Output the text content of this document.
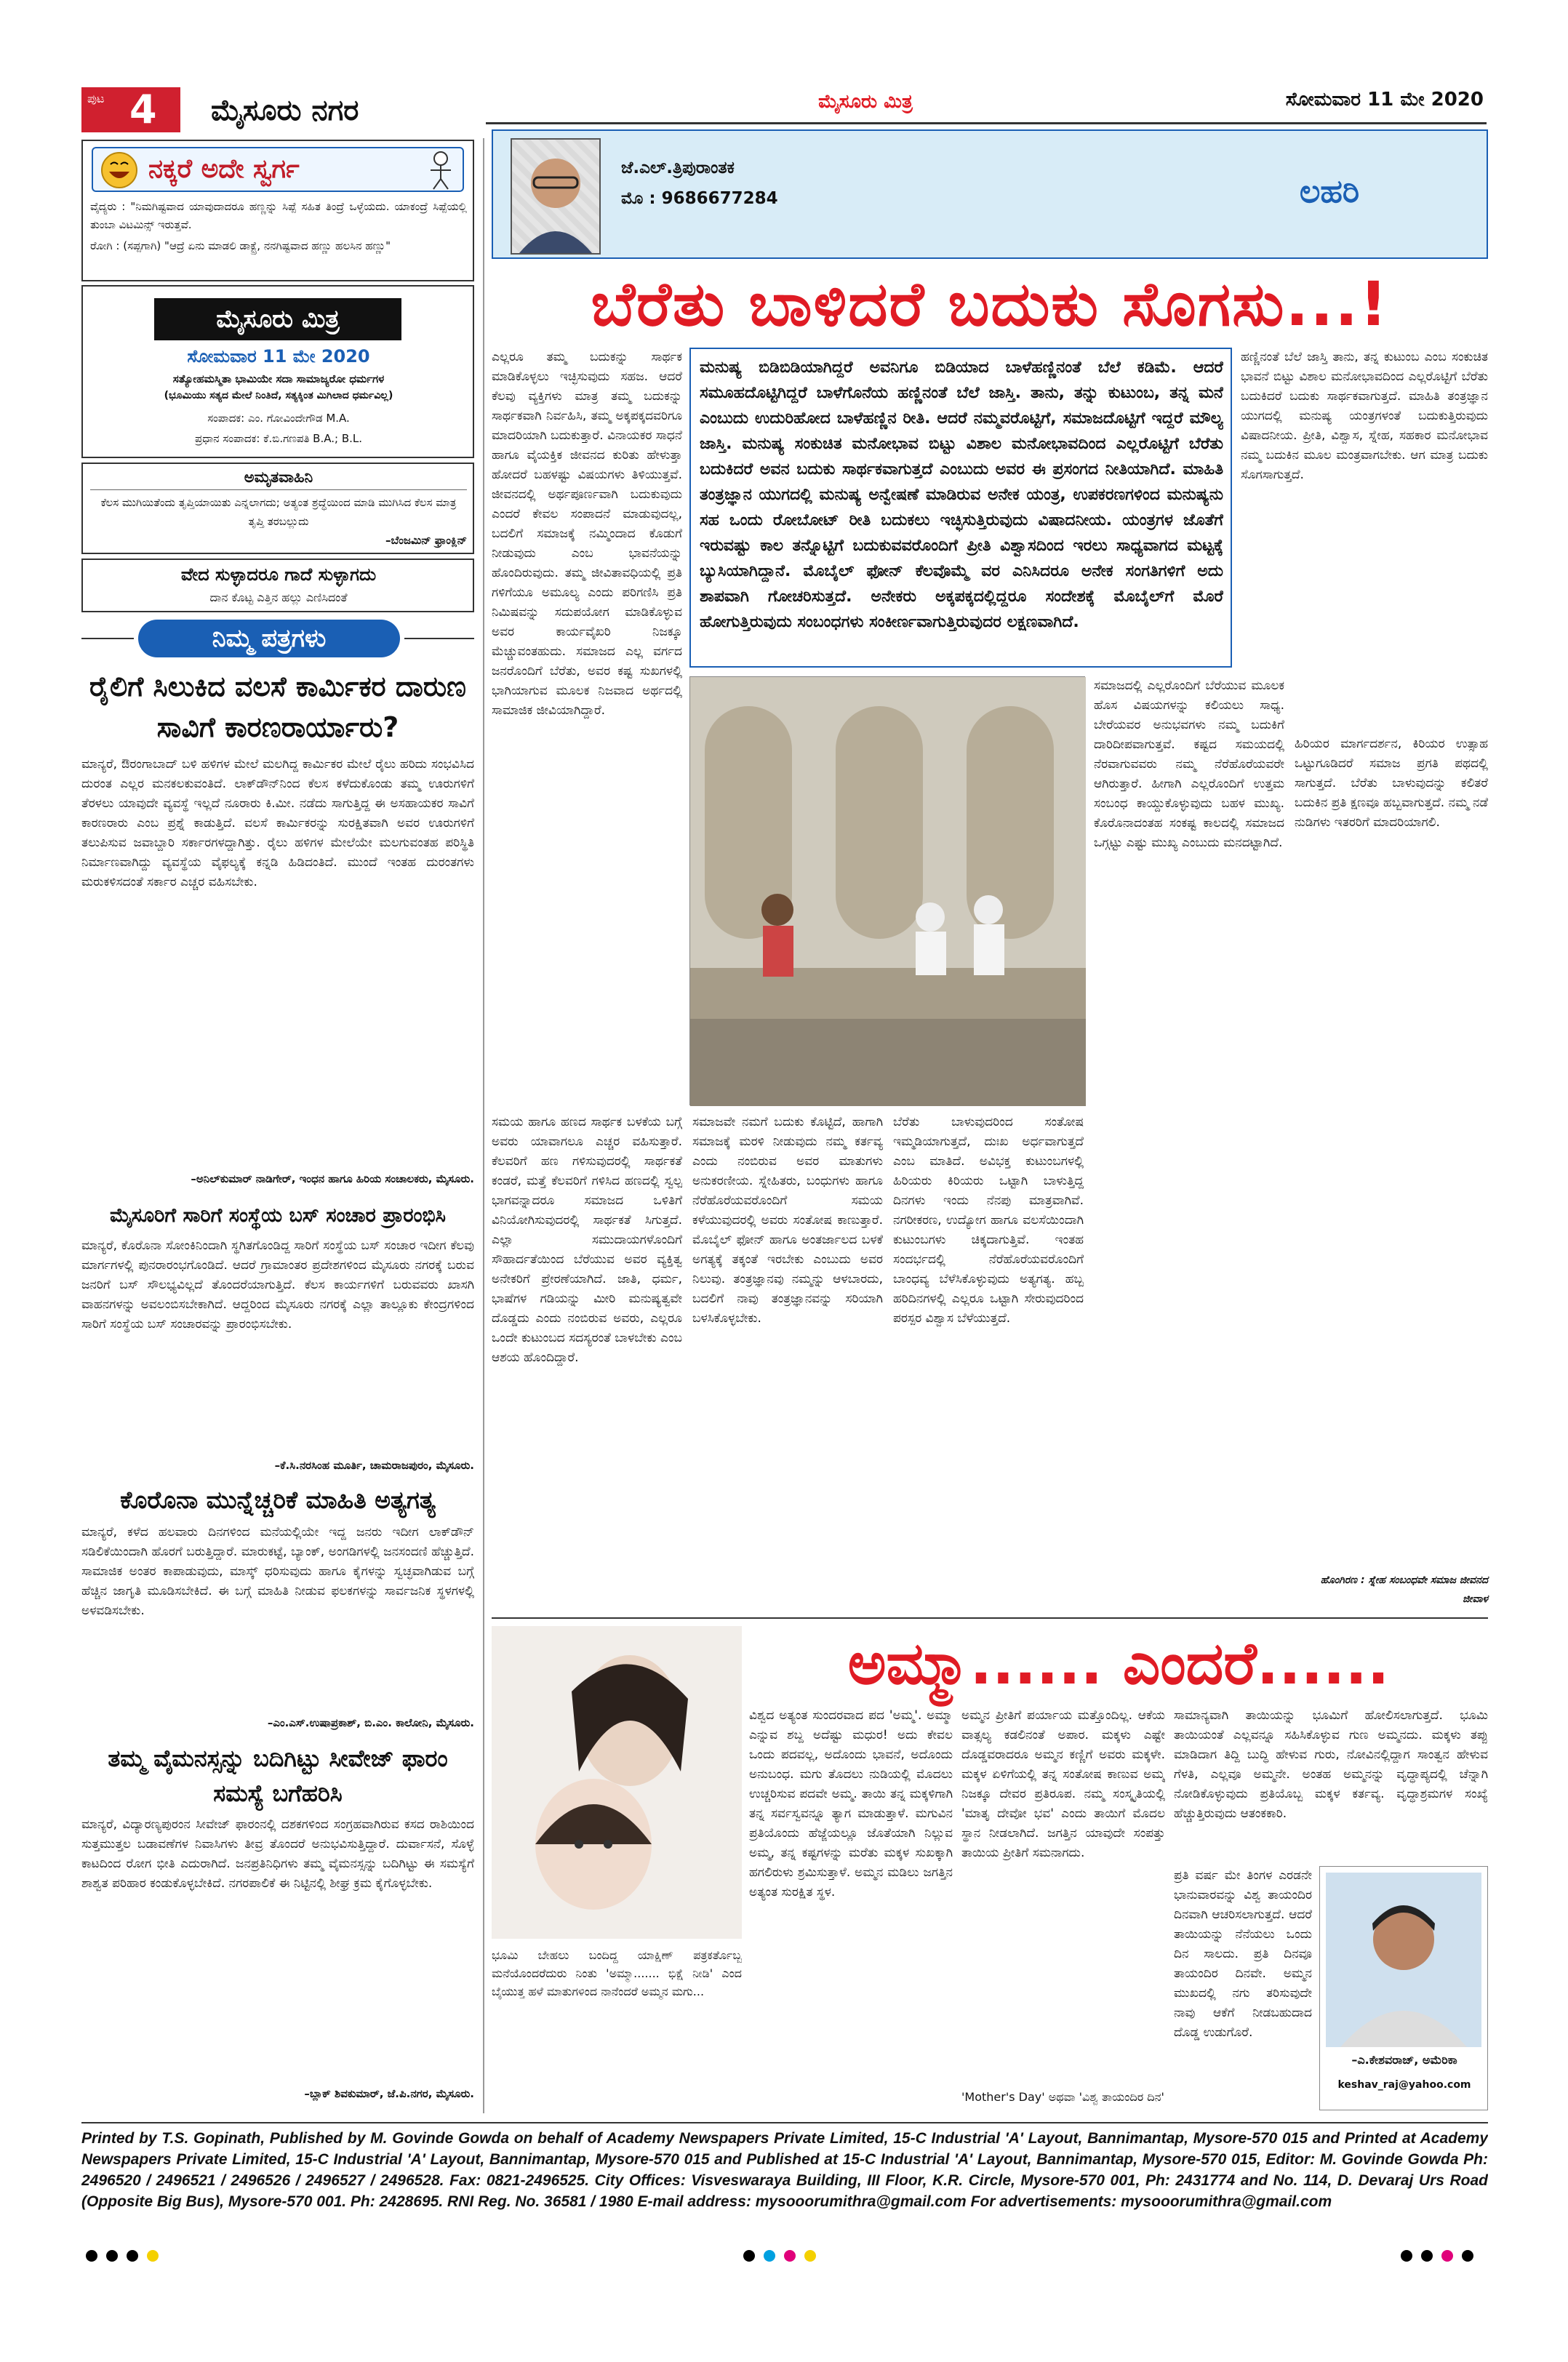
ಪುಟ 4 ಮೈಸೂರು ನಗರ	ಮೈಸೂರು ಮಿತ್ರ	ಸೋಮವಾರ 11 ಮೇ 2020
ನಕ್ಕರೆ ಅದೇ ಸ್ವರ್ಗ
ವೈದ್ಯರು : "ನಿಮಗಿಷ್ಟವಾದ ಯಾವುದಾದರೂ ಹಣ್ಣನ್ನು ಸಿಪ್ಪೆ ಸಹಿತ ತಿಂದ್ರೆ ಒಳ್ಳೆಯದು. ಯಾಕಂದ್ರೆ ಸಿಪ್ಪೆಯಲ್ಲಿ ತುಂಬಾ ವಿಟಮಿನ್ಸ್ ಇರುತ್ತವೆ.
ರೋಗಿ : (ಸಪ್ಪಗಾಗಿ) "ಆದ್ರೆ ಏನು ಮಾಡಲಿ ಡಾಕ್ಟ್ರೆ, ನನಗಿಷ್ಟವಾದ ಹಣ್ಣು ಹಲಸಿನ ಹಣ್ಣು"
ಮೈಸೂರು ಮಿತ್ರ
ಸೋಮವಾರ 11 ಮೇ 2020
ಸತ್ಯೋಹಮಸ್ಮಿತಾ ಭಾಮಿಯೇ ಸದಾ ಸಾಮಾಜ್ಯರೋ ಧರ್ಮಗಳ
(ಭೂಮಿಯು ಸತ್ಯದ ಮೇಲೆ ನಿಂತಿದೆ, ಸತ್ಯಕ್ಕಿಂತ ಮಿಗಿಲಾದ ಧರ್ಮವಿಲ್ಲ)
ಸಂಪಾದಕ: ಎಂ. ಗೋವಿಂದೇಗೌಡ M.A.
ಪ್ರಧಾನ ಸಂಪಾದಕ: ಕೆ.ಬಿ.ಗಣಪತಿ B.A.; B.L.
ಅಮೃತವಾಹಿನಿ
ಕೆಲಸ ಮುಗಿಯಿತೆಂದು ತೃಪ್ತಿಯಾಯಿತು ಎನ್ನಲಾಗದು; ಅತ್ಯಂತ ಶ್ರದ್ಧೆಯಿಂದ ಮಾಡಿ ಮುಗಿಸಿದ ಕೆಲಸ ಮಾತ್ರ ತೃಪ್ತಿ ತರಬಲ್ಲುದು
–ಬೆಂಜಮಿನ್ ಫ್ರಾಂಕ್ಲಿನ್
ವೇದ ಸುಳ್ಳಾದರೂ ಗಾದೆ ಸುಳ್ಳಾಗದು
ದಾನ ಕೊಟ್ಟ ಎತ್ತಿನ ಹಲ್ಲು ಎಣಿಸಿದಂತೆ
ನಿಮ್ಮ ಪತ್ರಗಳು
ರೈಲಿಗೆ ಸಿಲುಕಿದ ವಲಸೆ ಕಾರ್ಮಿಕರ ದಾರುಣ ಸಾವಿಗೆ ಕಾರಣರಾರ್ಯಾರು?
ಮಾನ್ಯರೆ, ಔರಂಗಾಬಾದ್ ಬಳಿ ಹಳಿಗಳ ಮೇಲೆ ಮಲಗಿದ್ದ ಕಾರ್ಮಿಕರ ಮೇಲೆ ರೈಲು ಹರಿದು ಸಂಭವಿಸಿದ ದುರಂತ ಎಲ್ಲರ ಮನಕಲಕುವಂತಿದೆ. ಲಾಕ್‌ಡೌನ್‌ನಿಂದ ಕೆಲಸ ಕಳೆದುಕೊಂಡು ತಮ್ಮ ಊರುಗಳಿಗೆ ತೆರಳಲು ಯಾವುದೇ ವ್ಯವಸ್ಥೆ ಇಲ್ಲದೆ ನೂರಾರು ಕಿ.ಮೀ. ನಡೆದು ಸಾಗುತ್ತಿದ್ದ ಈ ಅಸಹಾಯಕರ ಸಾವಿಗೆ ಕಾರಣರಾರು ಎಂಬ ಪ್ರಶ್ನೆ ಕಾಡುತ್ತಿದೆ. ವಲಸೆ ಕಾರ್ಮಿಕರನ್ನು ಸುರಕ್ಷಿತವಾಗಿ ಅವರ ಊರುಗಳಿಗೆ ತಲುಪಿಸುವ ಜವಾಬ್ದಾರಿ ಸರ್ಕಾರಗಳದ್ದಾಗಿತ್ತು. ರೈಲು ಹಳಿಗಳ ಮೇಲೆಯೇ ಮಲಗುವಂತಹ ಪರಿಸ್ಥಿತಿ ನಿರ್ಮಾಣವಾಗಿದ್ದು ವ್ಯವಸ್ಥೆಯ ವೈಫಲ್ಯಕ್ಕೆ ಕನ್ನಡಿ ಹಿಡಿದಂತಿದೆ. ಮುಂದೆ ಇಂತಹ ದುರಂತಗಳು ಮರುಕಳಿಸದಂತೆ ಸರ್ಕಾರ ಎಚ್ಚರ ವಹಿಸಬೇಕು.
–ಅನಿಲ್‌ಕುಮಾರ್ ನಾಡಿಗೇರ್, ಇಂಧನ ಹಾಗೂ ಹಿರಿಯ ಸಂಚಾಲಕರು, ಮೈಸೂರು.
ಮೈಸೂರಿಗೆ ಸಾರಿಗೆ ಸಂಸ್ಥೆಯ ಬಸ್ ಸಂಚಾರ ಪ್ರಾರಂಭಿಸಿ
ಮಾನ್ಯರೆ, ಕೊರೊನಾ ಸೋಂಕಿನಿಂದಾಗಿ ಸ್ಥಗಿತಗೊಂಡಿದ್ದ ಸಾರಿಗೆ ಸಂಸ್ಥೆಯ ಬಸ್ ಸಂಚಾರ ಇದೀಗ ಕೆಲವು ಮಾರ್ಗಗಳಲ್ಲಿ ಪುನರಾರಂಭಗೊಂಡಿದೆ. ಆದರೆ ಗ್ರಾಮಾಂತರ ಪ್ರದೇಶಗಳಿಂದ ಮೈಸೂರು ನಗರಕ್ಕೆ ಬರುವ ಜನರಿಗೆ ಬಸ್ ಸೌಲಭ್ಯವಿಲ್ಲದೆ ತೊಂದರೆಯಾಗುತ್ತಿದೆ. ಕೆಲಸ ಕಾರ್ಯಗಳಿಗೆ ಬರುವವರು ಖಾಸಗಿ ವಾಹನಗಳನ್ನು ಅವಲಂಬಿಸಬೇಕಾಗಿದೆ. ಆದ್ದರಿಂದ ಮೈಸೂರು ನಗರಕ್ಕೆ ಎಲ್ಲಾ ತಾಲ್ಲೂಕು ಕೇಂದ್ರಗಳಿಂದ ಸಾರಿಗೆ ಸಂಸ್ಥೆಯ ಬಸ್ ಸಂಚಾರವನ್ನು ಪ್ರಾರಂಭಿಸಬೇಕು.
–ಕೆ.ಸಿ.ನರಸಿಂಹ ಮೂರ್ತಿ, ಚಾಮರಾಜಪುರಂ, ಮೈಸೂರು.
ಕೊರೊನಾ ಮುನ್ನೆಚ್ಚರಿಕೆ ಮಾಹಿತಿ ಅತ್ಯಗತ್ಯ
ಮಾನ್ಯರೆ, ಕಳೆದ ಹಲವಾರು ದಿನಗಳಿಂದ ಮನೆಯಲ್ಲಿಯೇ ಇದ್ದ ಜನರು ಇದೀಗ ಲಾಕ್‌ಡೌನ್ ಸಡಿಲಿಕೆಯಿಂದಾಗಿ ಹೊರಗೆ ಬರುತ್ತಿದ್ದಾರೆ. ಮಾರುಕಟ್ಟೆ, ಬ್ಯಾಂಕ್, ಅಂಗಡಿಗಳಲ್ಲಿ ಜನಸಂದಣಿ ಹೆಚ್ಚುತ್ತಿದೆ. ಸಾಮಾಜಿಕ ಅಂತರ ಕಾಪಾಡುವುದು, ಮಾಸ್ಕ್ ಧರಿಸುವುದು ಹಾಗೂ ಕೈಗಳನ್ನು ಸ್ವಚ್ಛವಾಗಿಡುವ ಬಗ್ಗೆ ಹೆಚ್ಚಿನ ಜಾಗೃತಿ ಮೂಡಿಸಬೇಕಿದೆ. ಈ ಬಗ್ಗೆ ಮಾಹಿತಿ ನೀಡುವ ಫಲಕಗಳನ್ನು ಸಾರ್ವಜನಿಕ ಸ್ಥಳಗಳಲ್ಲಿ ಅಳವಡಿಸಬೇಕು.
–ಎಂ.ಎಸ್.ಉಷಾಪ್ರಕಾಶ್, ಬಿ.ಎಂ. ಕಾಲೋನಿ, ಮೈಸೂರು.
ತಮ್ಮ ವೈಮನಸ್ಸನ್ನು ಬದಿಗಿಟ್ಟು ಸೀವೇಜ್ ಫಾರಂ ಸಮಸ್ಯೆ ಬಗೆಹರಿಸಿ
ಮಾನ್ಯರೆ, ವಿದ್ಯಾರಣ್ಯಪುರಂನ ಸೀವೇಜ್ ಫಾರಂನಲ್ಲಿ ದಶಕಗಳಿಂದ ಸಂಗ್ರಹವಾಗಿರುವ ಕಸದ ರಾಶಿಯಿಂದ ಸುತ್ತಮುತ್ತಲ ಬಡಾವಣೆಗಳ ನಿವಾಸಿಗಳು ತೀವ್ರ ತೊಂದರೆ ಅನುಭವಿಸುತ್ತಿದ್ದಾರೆ. ದುರ್ವಾಸನೆ, ಸೊಳ್ಳೆ ಕಾಟದಿಂದ ರೋಗ ಭೀತಿ ಎದುರಾಗಿದೆ. ಜನಪ್ರತಿನಿಧಿಗಳು ತಮ್ಮ ವೈಮನಸ್ಸನ್ನು ಬದಿಗಿಟ್ಟು ಈ ಸಮಸ್ಯೆಗೆ ಶಾಶ್ವತ ಪರಿಹಾರ ಕಂಡುಕೊಳ್ಳಬೇಕಿದೆ. ನಗರಪಾಲಿಕೆ ಈ ನಿಟ್ಟಿನಲ್ಲಿ ಶೀಘ್ರ ಕ್ರಮ ಕೈಗೊಳ್ಳಬೇಕು.
–ಬ್ಲಾಕ್ ಶಿವಕುಮಾರ್, ಜೆ.ಪಿ.ನಗರ, ಮೈಸೂರು.
ಜೆ.ಎಲ್.ತ್ರಿಪುರಾಂತಕ
ಮೊ : 9686677284	ಲಹರಿ
ಬೆರೆತು ಬಾಳಿದರೆ ಬದುಕು ಸೊಗಸು...!
ಮನುಷ್ಯ ಬಿಡಿಬಿಡಿಯಾಗಿದ್ದರೆ ಅವನಿಗೂ ಬಿಡಿಯಾದ ಬಾಳೆಹಣ್ಣಿನಂತೆ ಬೆಲೆ ಕಡಿಮೆ. ಆದರೆ ಸಮೂಹದೊಟ್ಟಿಗಿದ್ದರೆ ಬಾಳೆಗೊನೆಯ ಹಣ್ಣಿನಂತೆ ಬೆಲೆ ಜಾಸ್ತಿ. ತಾನು, ತನ್ನು ಕುಟುಂಬ, ತನ್ನ ಮನೆ ಎಂಬುದು ಉದುರಿಹೋದ ಬಾಳೆಹಣ್ಣಿನ ರೀತಿ. ಆದರೆ ನಮ್ಮವರೊಟ್ಟಿಗೆ, ಸಮಾಜದೊಟ್ಟಿಗೆ ಇದ್ದರೆ ಮೌಲ್ಯ ಜಾಸ್ತಿ. ಮನುಷ್ಯ ಸಂಕುಚಿತ ಮನೋಭಾವ ಬಿಟ್ಟು ವಿಶಾಲ ಮನೋಭಾವದಿಂದ ಎಲ್ಲರೊಟ್ಟಿಗೆ ಬೆರೆತು ಬದುಕಿದರೆ ಅವನ ಬದುಕು ಸಾರ್ಥಕವಾಗುತ್ತದೆ ಎಂಬುದು ಅವರ ಈ ಪ್ರಸಂಗದ ನೀತಿಯಾಗಿದೆ. ಮಾಹಿತಿ ತಂತ್ರಜ್ಞಾನ ಯುಗದಲ್ಲಿ ಮನುಷ್ಯ ಅನ್ವೇಷಣೆ ಮಾಡಿರುವ ಅನೇಕ ಯಂತ್ರ, ಉಪಕರಣಗಳಿಂದ ಮನುಷ್ಯನು ಸಹ ಒಂದು ರೋಬೋಟ್ ರೀತಿ ಬದುಕಲು ಇಚ್ಛಿಸುತ್ತಿರುವುದು ವಿಷಾದನೀಯ. ಯಂತ್ರಗಳ ಜೊತೆಗೆ ಇರುವಷ್ಟು ಕಾಲ ತನ್ನೊಟ್ಟಿಗೆ ಬದುಕುವವರೊಂದಿಗೆ ಪ್ರೀತಿ ವಿಶ್ವಾಸದಿಂದ ಇರಲು ಸಾಧ್ಯವಾಗದ ಮಟ್ಟಕ್ಕೆ ಬ್ಯುಸಿಯಾಗಿದ್ದಾನೆ. ಮೊಬೈಲ್ ಫೋನ್ ಕೆಲವೊಮ್ಮೆ ವರ ಎನಿಸಿದರೂ ಅನೇಕ ಸಂಗತಿಗಳಿಗೆ ಅದು ಶಾಪವಾಗಿ ಗೋಚರಿಸುತ್ತದೆ. ಅನೇಕರು ಅಕ್ಕಪಕ್ಕದಲ್ಲಿದ್ದರೂ ಸಂದೇಶಕ್ಕೆ ಮೊಬೈಲ್‌ಗೆ ಮೊರೆ ಹೋಗುತ್ತಿರುವುದು ಸಂಬಂಧಗಳು ಸಂಕೀರ್ಣವಾಗುತ್ತಿರುವುದರ ಲಕ್ಷಣವಾಗಿದೆ.
ಎಲ್ಲರೂ ತಮ್ಮ ಬದುಕನ್ನು ಸಾರ್ಥಕ ಮಾಡಿಕೊಳ್ಳಲು ಇಚ್ಛಿಸುವುದು ಸಹಜ. ಆದರೆ ಕೆಲವು ವ್ಯಕ್ತಿಗಳು ಮಾತ್ರ ತಮ್ಮ ಬದುಕನ್ನು ಸಾರ್ಥಕವಾಗಿ ನಿರ್ವಹಿಸಿ, ತಮ್ಮ ಅಕ್ಕಪಕ್ಕದವರಿಗೂ ಮಾದರಿಯಾಗಿ ಬದುಕುತ್ತಾರೆ. ವಿನಾಯಕರ ಸಾಧನೆ ಹಾಗೂ ವೈಯಕ್ತಿಕ ಜೀವನದ ಕುರಿತು ಹೇಳುತ್ತಾ ಹೋದರೆ ಬಹಳಷ್ಟು ವಿಷಯಗಳು ತಿಳಿಯುತ್ತವೆ. ಜೀವನದಲ್ಲಿ ಅರ್ಥಪೂರ್ಣವಾಗಿ ಬದುಕುವುದು ಎಂದರೆ ಕೇವಲ ಸಂಪಾದನೆ ಮಾಡುವುದಲ್ಲ, ಬದಲಿಗೆ ಸಮಾಜಕ್ಕೆ ನಮ್ಮಿಂದಾದ ಕೊಡುಗೆ ನೀಡುವುದು ಎಂಬ ಭಾವನೆಯನ್ನು ಹೊಂದಿರುವುದು. ತಮ್ಮ ಜೀವಿತಾವಧಿಯಲ್ಲಿ ಪ್ರತಿ ಗಳಿಗೆಯೂ ಅಮೂಲ್ಯ ಎಂದು ಪರಿಗಣಿಸಿ ಪ್ರತಿ ನಿಮಿಷವನ್ನು ಸದುಪಯೋಗ ಮಾಡಿಕೊಳ್ಳುವ ಅವರ ಕಾರ್ಯವೈಖರಿ ನಿಜಕ್ಕೂ ಮೆಚ್ಚುವಂತಹುದು. ಸಮಾಜದ ಎಲ್ಲ ವರ್ಗದ ಜನರೊಂದಿಗೆ ಬೆರೆತು, ಅವರ ಕಷ್ಟ ಸುಖಗಳಲ್ಲಿ ಭಾಗಿಯಾಗುವ ಮೂಲಕ ನಿಜವಾದ ಅರ್ಥದಲ್ಲಿ ಸಾಮಾಜಿಕ ಜೀವಿಯಾಗಿದ್ದಾರೆ.
ಸಮಯ ಹಾಗೂ ಹಣದ ಸಾರ್ಥಕ ಬಳಕೆಯ ಬಗ್ಗೆ ಅವರು ಯಾವಾಗಲೂ ಎಚ್ಚರ ವಹಿಸುತ್ತಾರೆ. ಕೆಲವರಿಗೆ ಹಣ ಗಳಿಸುವುದರಲ್ಲಿ ಸಾರ್ಥಕತೆ ಕಂಡರೆ, ಮತ್ತೆ ಕೆಲವರಿಗೆ ಗಳಿಸಿದ ಹಣದಲ್ಲಿ ಸ್ವಲ್ಪ ಭಾಗವನ್ನಾದರೂ ಸಮಾಜದ ಒಳಿತಿಗೆ ವಿನಿಯೋಗಿಸುವುದರಲ್ಲಿ ಸಾರ್ಥಕತೆ ಸಿಗುತ್ತದೆ. ಎಲ್ಲಾ ಸಮುದಾಯಗಳೊಂದಿಗೆ ಸೌಹಾರ್ದತೆಯಿಂದ ಬೆರೆಯುವ ಅವರ ವ್ಯಕ್ತಿತ್ವ ಅನೇಕರಿಗೆ ಪ್ರೇರಣೆಯಾಗಿದೆ. ಜಾತಿ, ಧರ್ಮ, ಭಾಷೆಗಳ ಗಡಿಯನ್ನು ಮೀರಿ ಮನುಷ್ಯತ್ವವೇ ದೊಡ್ಡದು ಎಂದು ನಂಬಿರುವ ಅವರು, ಎಲ್ಲರೂ ಒಂದೇ ಕುಟುಂಬದ ಸದಸ್ಯರಂತೆ ಬಾಳಬೇಕು ಎಂಬ ಆಶಯ ಹೊಂದಿದ್ದಾರೆ.
ಸಮಾಜವೇ ನಮಗೆ ಬದುಕು ಕೊಟ್ಟಿದೆ, ಹಾಗಾಗಿ ಸಮಾಜಕ್ಕೆ ಮರಳಿ ನೀಡುವುದು ನಮ್ಮ ಕರ್ತವ್ಯ ಎಂದು ನಂಬಿರುವ ಅವರ ಮಾತುಗಳು ಅನುಕರಣೀಯ. ಸ್ನೇಹಿತರು, ಬಂಧುಗಳು ಹಾಗೂ ನೆರೆಹೊರೆಯವರೊಂದಿಗೆ ಸಮಯ ಕಳೆಯುವುದರಲ್ಲಿ ಅವರು ಸಂತೋಷ ಕಾಣುತ್ತಾರೆ. ಮೊಬೈಲ್ ಫೋನ್ ಹಾಗೂ ಅಂತರ್ಜಾಲದ ಬಳಕೆ ಅಗತ್ಯಕ್ಕೆ ತಕ್ಕಂತೆ ಇರಬೇಕು ಎಂಬುದು ಅವರ ನಿಲುವು. ತಂತ್ರಜ್ಞಾನವು ನಮ್ಮನ್ನು ಆಳಬಾರದು, ಬದಲಿಗೆ ನಾವು ತಂತ್ರಜ್ಞಾನವನ್ನು ಸರಿಯಾಗಿ ಬಳಸಿಕೊಳ್ಳಬೇಕು.
ಬೆರೆತು ಬಾಳುವುದರಿಂದ ಸಂತೋಷ ಇಮ್ಮಡಿಯಾಗುತ್ತದೆ, ದುಃಖ ಅರ್ಧವಾಗುತ್ತದೆ ಎಂಬ ಮಾತಿದೆ. ಅವಿಭಕ್ತ ಕುಟುಂಬಗಳಲ್ಲಿ ಹಿರಿಯರು ಕಿರಿಯರು ಒಟ್ಟಾಗಿ ಬಾಳುತ್ತಿದ್ದ ದಿನಗಳು ಇಂದು ನೆನಪು ಮಾತ್ರವಾಗಿವೆ. ನಗರೀಕರಣ, ಉದ್ಯೋಗ ಹಾಗೂ ವಲಸೆಯಿಂದಾಗಿ ಕುಟುಂಬಗಳು ಚಿಕ್ಕದಾಗುತ್ತಿವೆ. ಇಂತಹ ಸಂದರ್ಭದಲ್ಲಿ ನೆರೆಹೊರೆಯವರೊಂದಿಗೆ ಬಾಂಧವ್ಯ ಬೆಳೆಸಿಕೊಳ್ಳುವುದು ಅತ್ಯಗತ್ಯ. ಹಬ್ಬ ಹರಿದಿನಗಳಲ್ಲಿ ಎಲ್ಲರೂ ಒಟ್ಟಾಗಿ ಸೇರುವುದರಿಂದ ಪರಸ್ಪರ ವಿಶ್ವಾಸ ಬೆಳೆಯುತ್ತದೆ.
ಹಣ್ಣಿನಂತೆ ಬೆಲೆ ಜಾಸ್ತಿ ತಾನು, ತನ್ನ ಕುಟುಂಬ ಎಂಬ ಸಂಕುಚಿತ ಭಾವನೆ ಬಿಟ್ಟು ವಿಶಾಲ ಮನೋಭಾವದಿಂದ ಎಲ್ಲರೊಟ್ಟಿಗೆ ಬೆರೆತು ಬದುಕಿದರೆ ಬದುಕು ಸಾರ್ಥಕವಾಗುತ್ತದೆ. ಮಾಹಿತಿ ತಂತ್ರಜ್ಞಾನ ಯುಗದಲ್ಲಿ ಮನುಷ್ಯ ಯಂತ್ರಗಳಂತೆ ಬದುಕುತ್ತಿರುವುದು ವಿಷಾದನೀಯ. ಪ್ರೀತಿ, ವಿಶ್ವಾಸ, ಸ್ನೇಹ, ಸಹಕಾರ ಮನೋಭಾವ ನಮ್ಮ ಬದುಕಿನ ಮೂಲ ಮಂತ್ರವಾಗಬೇಕು. ಆಗ ಮಾತ್ರ ಬದುಕು ಸೊಗಸಾಗುತ್ತದೆ.
ಸಮಾಜದಲ್ಲಿ ಎಲ್ಲರೊಂದಿಗೆ ಬೆರೆಯುವ ಮೂಲಕ ಹೊಸ ವಿಷಯಗಳನ್ನು ಕಲಿಯಲು ಸಾಧ್ಯ. ಬೇರೆಯವರ ಅನುಭವಗಳು ನಮ್ಮ ಬದುಕಿಗೆ ದಾರಿದೀಪವಾಗುತ್ತವೆ. ಕಷ್ಟದ ಸಮಯದಲ್ಲಿ ನೆರವಾಗುವವರು ನಮ್ಮ ನೆರೆಹೊರೆಯವರೇ ಆಗಿರುತ್ತಾರೆ. ಹೀಗಾಗಿ ಎಲ್ಲರೊಂದಿಗೆ ಉತ್ತಮ ಸಂಬಂಧ ಕಾಯ್ದುಕೊಳ್ಳುವುದು ಬಹಳ ಮುಖ್ಯ. ಕೊರೊನಾದಂತಹ ಸಂಕಷ್ಟ ಕಾಲದಲ್ಲಿ ಸಮಾಜದ ಒಗ್ಗಟ್ಟು ಎಷ್ಟು ಮುಖ್ಯ ಎಂಬುದು ಮನದಟ್ಟಾಗಿದೆ.
ಹಿರಿಯರ ಮಾರ್ಗದರ್ಶನ, ಕಿರಿಯರ ಉತ್ಸಾಹ ಒಟ್ಟುಗೂಡಿದರೆ ಸಮಾಜ ಪ್ರಗತಿ ಪಥದಲ್ಲಿ ಸಾಗುತ್ತದೆ. ಬೆರೆತು ಬಾಳುವುದನ್ನು ಕಲಿತರೆ ಬದುಕಿನ ಪ್ರತಿ ಕ್ಷಣವೂ ಹಬ್ಬವಾಗುತ್ತದೆ. ನಮ್ಮ ನಡೆ ನುಡಿಗಳು ಇತರರಿಗೆ ಮಾದರಿಯಾಗಲಿ.
ಹೊಂಗಿರಣ : ಸ್ನೇಹ ಸಂಬಂಧವೇ ಸಮಾಜ ಜೀವನದ ಜೀವಾಳ
ಭೂಮಿ ಬೇಹಲು ಬಂದಿದ್ದ ಯಾಕ್ಷಿಣ್ ಪತ್ರಕರ್ತೊಬ್ಬ ಮನೆಯೊಂದರೆದುರು ನಿಂತು 'ಅಮ್ಮಾ....... ಭಿಕ್ಷೆ ನೀಡಿ' ಎಂದ ಬೈಯುತ್ತ ಹಳೆ ಮಾತುಗಳಿಂದ ನಾನೆಂದರೆ ಅಮ್ಮನ ಮಗು...
ಅಮ್ಮಾ...... ಎಂದರೆ......
ವಿಶ್ವದ ಅತ್ಯಂತ ಸುಂದರವಾದ ಪದ 'ಅಮ್ಮ'. ಅಮ್ಮಾ ಎನ್ನುವ ಶಬ್ದ ಅದೆಷ್ಟು ಮಧುರ! ಅದು ಕೇವಲ ಒಂದು ಪದವಲ್ಲ, ಅದೊಂದು ಭಾವನೆ, ಅದೊಂದು ಅನುಬಂಧ. ಮಗು ತೊದಲು ನುಡಿಯಲ್ಲಿ ಮೊದಲು ಉಚ್ಚರಿಸುವ ಪದವೇ ಅಮ್ಮ. ತಾಯಿ ತನ್ನ ಮಕ್ಕಳಿಗಾಗಿ ತನ್ನ ಸರ್ವಸ್ವವನ್ನೂ ತ್ಯಾಗ ಮಾಡುತ್ತಾಳೆ. ಮಗುವಿನ ಪ್ರತಿಯೊಂದು ಹೆಜ್ಜೆಯಲ್ಲೂ ಜೊತೆಯಾಗಿ ನಿಲ್ಲುವ ಅಮ್ಮ, ತನ್ನ ಕಷ್ಟಗಳನ್ನು ಮರೆತು ಮಕ್ಕಳ ಸುಖಕ್ಕಾಗಿ ಹಗಲಿರುಳು ಶ್ರಮಿಸುತ್ತಾಳೆ. ಅಮ್ಮನ ಮಡಿಲು ಜಗತ್ತಿನ ಅತ್ಯಂತ ಸುರಕ್ಷಿತ ಸ್ಥಳ.
ಅಮ್ಮನ ಪ್ರೀತಿಗೆ ಪರ್ಯಾಯ ಮತ್ತೊಂದಿಲ್ಲ. ಆಕೆಯ ವಾತ್ಸಲ್ಯ ಕಡಲಿನಂತೆ ಅಪಾರ. ಮಕ್ಕಳು ಎಷ್ಟೇ ದೊಡ್ಡವರಾದರೂ ಅಮ್ಮನ ಕಣ್ಣಿಗೆ ಅವರು ಮಕ್ಕಳೇ. ಮಕ್ಕಳ ಏಳಿಗೆಯಲ್ಲಿ ತನ್ನ ಸಂತೋಷ ಕಾಣುವ ಅಮ್ಮ ನಿಜಕ್ಕೂ ದೇವರ ಪ್ರತಿರೂಪ. ನಮ್ಮ ಸಂಸ್ಕೃತಿಯಲ್ಲಿ 'ಮಾತೃ ದೇವೋ ಭವ' ಎಂದು ತಾಯಿಗೆ ಮೊದಲ ಸ್ಥಾನ ನೀಡಲಾಗಿದೆ. ಜಗತ್ತಿನ ಯಾವುದೇ ಸಂಪತ್ತು ತಾಯಿಯ ಪ್ರೀತಿಗೆ ಸಮನಾಗದು.
ಸಾಮಾನ್ಯವಾಗಿ ತಾಯಿಯನ್ನು ಭೂಮಿಗೆ ಹೋಲಿಸಲಾಗುತ್ತದೆ. ಭೂಮಿ ತಾಯಿಯಂತೆ ಎಲ್ಲವನ್ನೂ ಸಹಿಸಿಕೊಳ್ಳುವ ಗುಣ ಅಮ್ಮನದು. ಮಕ್ಕಳು ತಪ್ಪು ಮಾಡಿದಾಗ ತಿದ್ದಿ ಬುದ್ಧಿ ಹೇಳುವ ಗುರು, ನೋವಿನಲ್ಲಿದ್ದಾಗ ಸಾಂತ್ವನ ಹೇಳುವ ಗೆಳತಿ, ಎಲ್ಲವೂ ಅಮ್ಮನೇ. ಅಂತಹ ಅಮ್ಮನನ್ನು ವೃದ್ಧಾಪ್ಯದಲ್ಲಿ ಚೆನ್ನಾಗಿ ನೋಡಿಕೊಳ್ಳುವುದು ಪ್ರತಿಯೊಬ್ಬ ಮಕ್ಕಳ ಕರ್ತವ್ಯ. ವೃದ್ಧಾಶ್ರಮಗಳ ಸಂಖ್ಯೆ ಹೆಚ್ಚುತ್ತಿರುವುದು ಆತಂಕಕಾರಿ.
ಪ್ರತಿ ವರ್ಷ ಮೇ ತಿಂಗಳ ಎರಡನೇ ಭಾನುವಾರವನ್ನು ವಿಶ್ವ ತಾಯಂದಿರ ದಿನವಾಗಿ ಆಚರಿಸಲಾಗುತ್ತದೆ. ಆದರೆ ತಾಯಿಯನ್ನು ನೆನೆಯಲು ಒಂದು ದಿನ ಸಾಲದು. ಪ್ರತಿ ದಿನವೂ ತಾಯಂದಿರ ದಿನವೇ. ಅಮ್ಮನ ಮುಖದಲ್ಲಿ ನಗು ತರಿಸುವುದೇ ನಾವು ಆಕೆಗೆ ನೀಡಬಹುದಾದ ದೊಡ್ಡ ಉಡುಗೊರೆ.
'Mother's Day' ಅಥವಾ 'ವಿಶ್ವ ತಾಯಂದಿರ ದಿನ'
–ಎ.ಕೇಶವರಾಜ್, ಅಮೆರಿಕಾ
keshav_raj@yahoo.com
Printed by T.S. Gopinath, Published by M. Govinde Gowda on behalf of Academy Newspapers Private Limited, 15-C Industrial 'A' Layout, Bannimantap, Mysore-570 015 and Printed at Academy Newspapers Private Limited, 15-C Industrial 'A' Layout, Bannimantap, Mysore-570 015 and Published at 15-C Industrial 'A' Layout, Bannimantap, Mysore-570 015, Editor: M. Govinde Gowda Ph: 2496520 / 2496521 / 2496526 / 2496527 / 2496528. Fax: 0821-2496525. City Offices: Visveswaraya Building, III Floor, K.R. Circle, Mysore-570 001, Ph: 2431774 and No. 114, D. Devaraj Urs Road (Opposite Big Bus), Mysore-570 001. Ph: 2428695. RNI Reg. No. 36581 / 1980 E-mail address: mysooorumithra@gmail.com For advertisements: mysooorumithra@gmail.com
